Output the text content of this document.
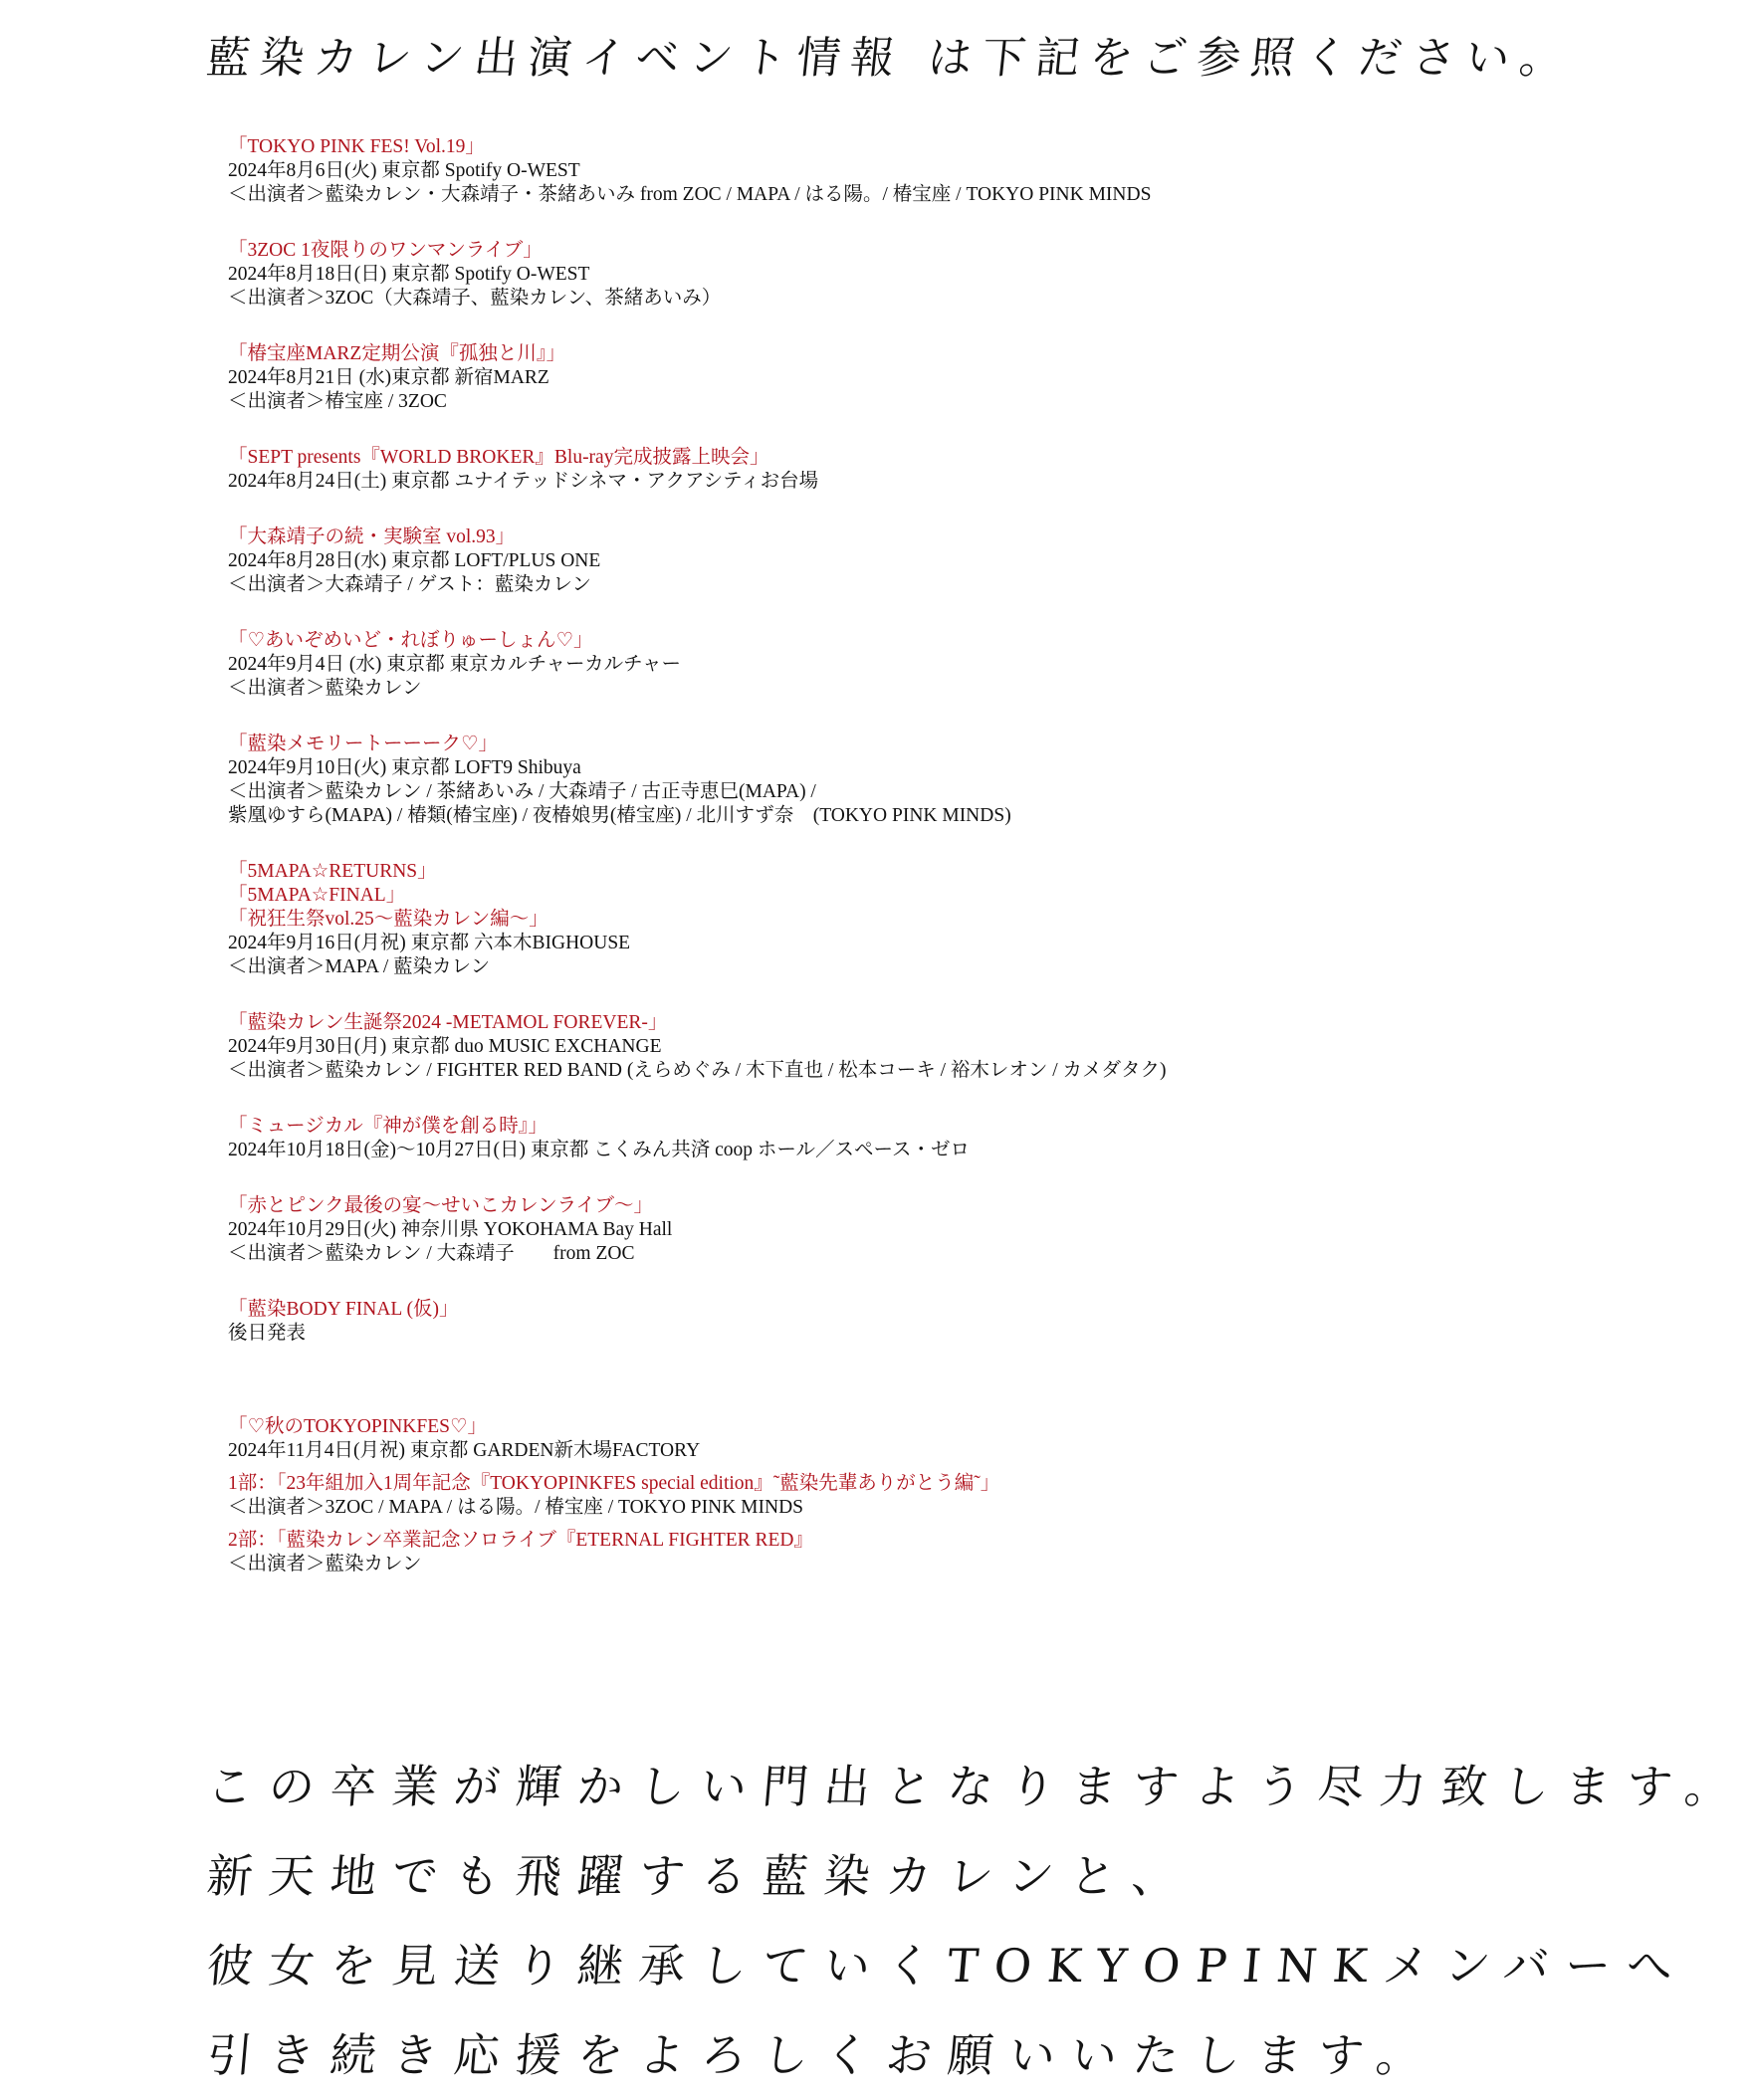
藍染カレン出演イベント情報 は下記をご参照ください。
「TOKYO PINK FES! Vol.19」
2024年8月6日(火) 東京都 Spotify O-WEST
＜出演者＞藍染カレン・大森靖子・茶緒あいみ from ZOC / MAPA / はる陽。/ 椿宝座 / TOKYO PINK MINDS
「3ZOC 1夜限りのワンマンライブ」
2024年8月18日(日) 東京都 Spotify O-WEST
＜出演者＞3ZOC（大森靖子、藍染カレン、茶緒あいみ）
「椿宝座MARZ定期公演『孤独と川』」
2024年8月21日 (水)東京都 新宿MARZ
＜出演者＞椿宝座 / 3ZOC
「SEPT presents『WORLD BROKER』Blu-ray完成披露上映会」
2024年8月24日(土) 東京都 ユナイテッドシネマ・アクアシティお台場
「大森靖子の続・実験室 vol.93」
2024年8月28日(水) 東京都 LOFT/PLUS ONE
＜出演者＞大森靖子 / ゲスト：藍染カレン
「♡あいぞめいど・れぼりゅーしょん♡」
2024年9月4日 (水) 東京都 東京カルチャーカルチャー
＜出演者＞藍染カレン
「藍染メモリートーーーク♡」
2024年9月10日(火) 東京都 LOFT9 Shibuya
＜出演者＞藍染カレン / 茶緒あいみ / 大森靖子 / 古正寺恵巳(MAPA) /
紫凰ゆすら(MAPA) / 椿類(椿宝座) / 夜椿娘男(椿宝座) / 北川すず奈　(TOKYO PINK MINDS)
「5MAPA☆RETURNS」
「5MAPA☆FINAL」
「祝狂生祭vol.25〜藍染カレン編〜」
2024年9月16日(月祝) 東京都 六本木BIGHOUSE
＜出演者＞MAPA / 藍染カレン
「藍染カレン生誕祭2024 -METAMOL FOREVER-」
2024年9月30日(月) 東京都 duo MUSIC EXCHANGE
＜出演者＞藍染カレン / FIGHTER RED BAND (えらめぐみ / 木下直也 / 松本コーキ / 裕木レオン / カメダタク)
「ミュージカル『神が僕を創る時』」
2024年10月18日(金)〜10月27日(日) 東京都 こくみん共済 coop ホール／スペース・ゼロ
「赤とピンク最後の宴〜せいこカレンライブ〜」
2024年10月29日(火) 神奈川県 YOKOHAMA Bay Hall
＜出演者＞藍染カレン / 大森靖子　　from ZOC
「藍染BODY FINAL (仮)」
後日発表
「♡秋のTOKYOPINKFES♡」
2024年11月4日(月祝) 東京都 GARDEN新木場FACTORY
1部：「23年組加入1周年記念『TOKYOPINKFES special edition』˜藍染先輩ありがとう編˜」
＜出演者＞3ZOC / MAPA / はる陽。/ 椿宝座 / TOKYO PINK MINDS
2部：「藍染カレン卒業記念ソロライブ『ETERNAL FIGHTER RED』
＜出演者＞藍染カレン
この卒業が輝かしい門出となりますよう尽力致します。
新天地でも飛躍する藍染カレンと、
彼女を見送り継承していくTOKYOPINKメンバーへ
引き続き応援をよろしくお願いいたします。
